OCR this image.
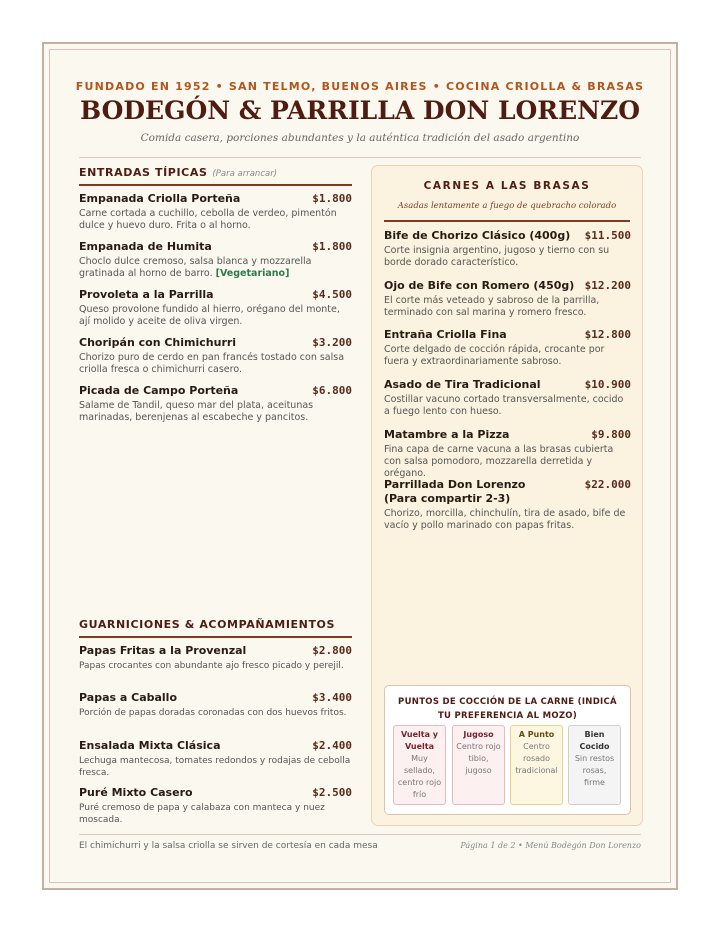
FUNDADO EN 1952 • SAN TELMO, BUENOS AIRES • COCINA CRIOLLA & BRASAS
BODEGÓN & PARRILLA DON LORENZO
Comida casera, porciones abundantes y la auténtica tradición del asado argentino
ENTRADAS TÍPICAS (Para arrancar)
Empanada Criolla Porteña	$1.800
Carne cortada a cuchillo, cebolla de verdeo, pimentón dulce y huevo duro. Frita o al horno.
Empanada de Humita	$1.800
Choclo dulce cremoso, salsa blanca y mozzarella gratinada al horno de barro. [Vegetariano]
Provoleta a la Parrilla	$4.500
Queso provolone fundido al hierro, orégano del monte, ají molido y aceite de oliva virgen.
Choripán con Chimichurri	$3.200
Chorizo puro de cerdo en pan francés tostado con salsa criolla fresca o chimichurri casero.
Picada de Campo Porteña	$6.800
Salame de Tandil, queso mar del plata, aceitunas marinadas, berenjenas al escabeche y pancitos.
GUARNICIONES & ACOMPAÑAMIENTOS
Papas Fritas a la Provenzal	$2.800
Papas crocantes con abundante ajo fresco picado y perejil.
Papas a Caballo	$3.400
Porción de papas doradas coronadas con dos huevos fritos.
Ensalada Mixta Clásica	$2.400
Lechuga mantecosa, tomates redondos y rodajas de cebolla fresca.
Puré Mixto Casero	$2.500
Puré cremoso de papa y calabaza con manteca y nuez moscada.
CARNES A LAS BRASAS
Asadas lentamente a fuego de quebracho colorado
Bife de Chorizo Clásico (400g) $11.500
Corte insignia argentino, jugoso y tierno con su borde dorado característico.
Ojo de Bife con Romero (450g) $12.200
El corte más veteado y sabroso de la parrilla, terminado con sal marina y romero fresco.
Entraña Criolla Fina	$12.800
Corte delgado de cocción rápida, crocante por fuera y extraordinariamente sabroso.
Asado de Tira Tradicional	$10.900
Costillar vacuno cortado transversalmente, cocido a fuego lento con hueso.
Matambre a la Pizza	$9.800
Fina capa de carne vacuna a las brasas cubierta con salsa pomodoro, mozzarella derretida y orégano.
Parrillada Don Lorenzo (Para compartir 2-3)
$22.000
Chorizo, morcilla, chinchulín, tira de asado, bife de vacío y pollo marinado con papas fritas.
PUNTOS DE COCCIÓN DE LA CARNE (INDICÁ TU PREFERENCIA AL MOZO)
Vuelta y Vuelta
Muy sellado, centro rojo frío
Jugoso
Centro rojo tibio, jugoso
A Punto
Centro rosado tradicional
Bien Cocido
Sin restos rosas, firme
El chimichurri y la salsa criolla se sirven de cortesía en cada mesa	Página 1 de 2 • Menú Bodegón Don Lorenzo
